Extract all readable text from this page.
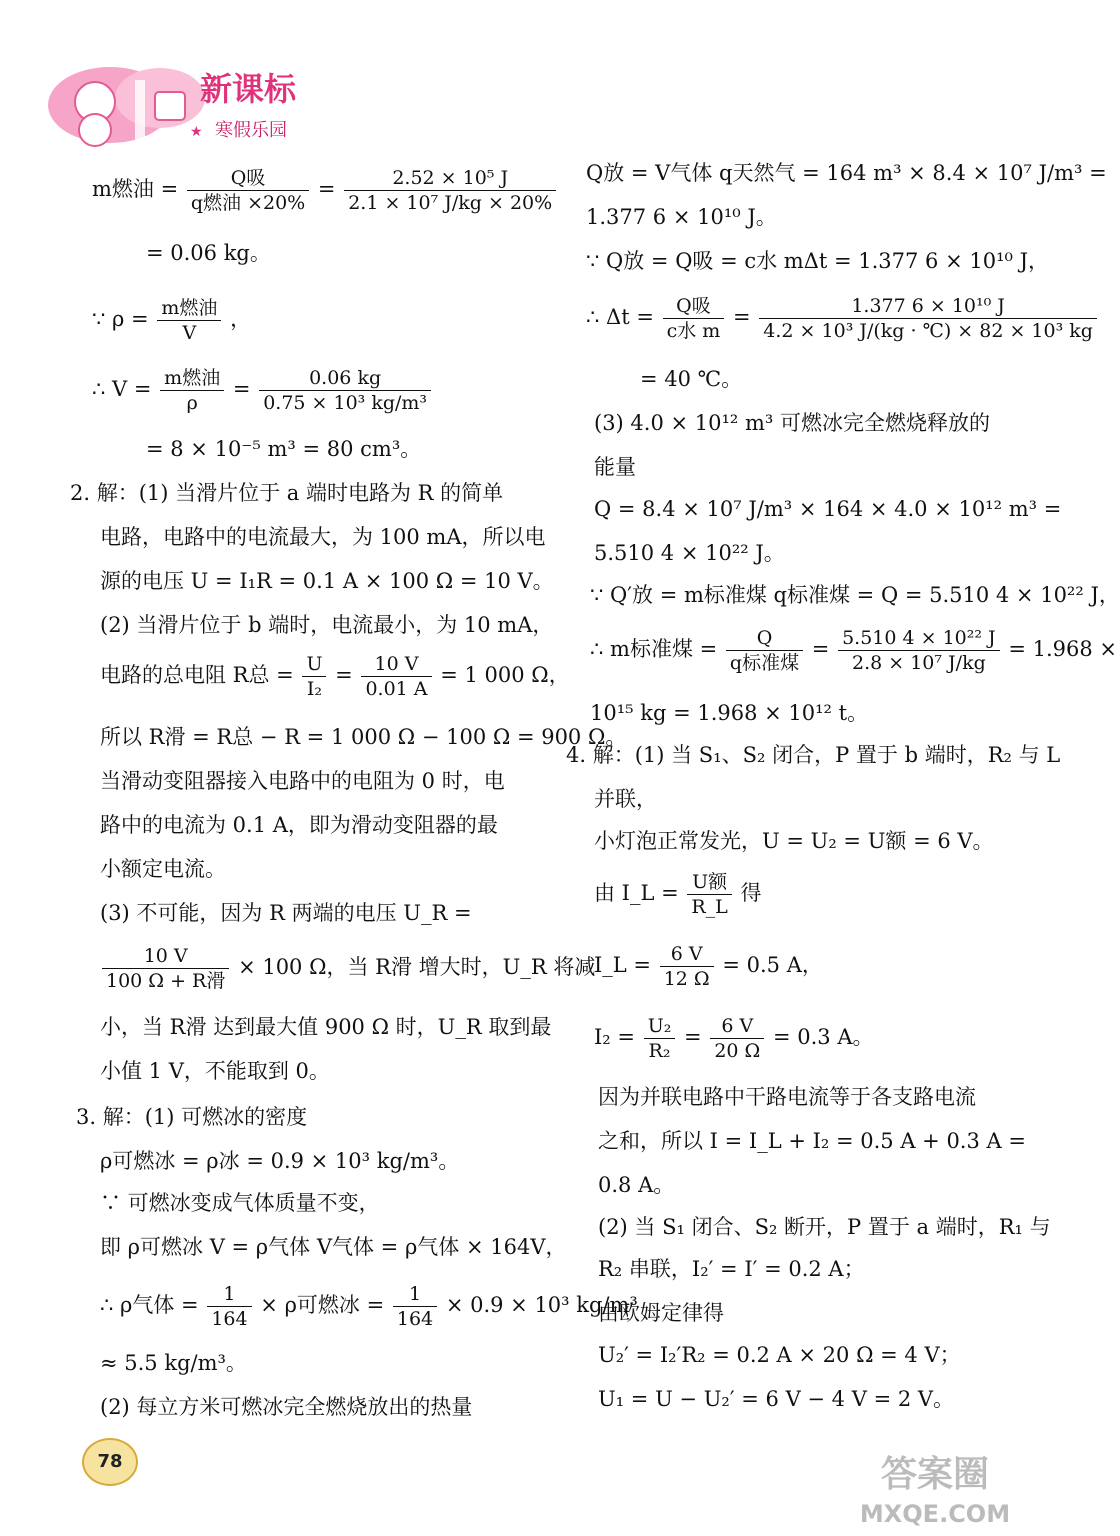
新课标
寒假乐园
★
m燃油 = $\frac{\text{Q吸}}{\text{q燃油 ×20\%}} = \frac{\text{2.52 × 10⁵ J}}{\text{2.1 × 10⁷ J/kg × 20\%}}$
= 0.06 kg。
∵ $\rho = \frac{\text{m燃油}}{V}$ ，
∴ $V = \frac{\text{m燃油}}{\rho} = \frac{0.06 kg}{\text{0.75 × 10³ kg/m³}}$
= 8 × 10⁻⁵ m³ = 80 cm³。
2. 解：(1) 当滑片位于 a 端时电路为 R 的简单
电路，电路中的电流最大，为 100 mA，所以电
源的电压 U = I₁R = 0.1 A × 100 Ω = 10 V。
(2) 当滑片位于 b 端时，电流最小，为 10 mA，
电路的总电阻 R总 = $\frac{U}{\text{I₂}} = \frac{10 V}{0.01 A} = 1$ 000 Ω，
所以 R滑 = R总 − R = 1 000 Ω − 100 Ω = 900 Ω。
当滑动变阻器接入电路中的电阻为 0 时，电
路中的电流为 0.1 A，即为滑动变阻器的最
小额定电流。
(3) 不可能，因为 R 两端的电压 U_R =
$\frac{10 V}{\text{100 Ω + R滑}} \times 100$ Ω，当 R滑 增大时，U_R 将减
小，当 R滑 达到最大值 900 Ω 时，U_R 取到最
小值 1 V，不能取到 0。
3. 解：(1) 可燃冰的密度
ρ可燃冰 = ρ冰 = 0.9 × 10³ kg/m³。
∵ 可燃冰变成气体质量不变，
即 ρ可燃冰 V = ρ气体 V气体 = ρ气体 × 164V，
∴ ρ气体 = $\frac{1}{164} \times \rho$可燃冰 = $\frac{1}{164} \times 0.9 \times 10^3$ kg/m³
≈ 5.5 kg/m³。
(2) 每立方米可燃冰完全燃烧放出的热量
Q放 = V气体 q天然气 = 164 m³ × 8.4 × 10⁷ J/m³ =
1.377 6 × 10¹⁰ J。
∵ Q放 = Q吸 = c水 mΔt = 1.377 6 × 10¹⁰ J，
∴ $\Delta t = \frac{\text{Q吸}}{\text{c水 m}} = \frac{\text{1.377 6 × 10¹⁰ J}}{\text{4.2 × 10³ J/(kg · ℃) × 82 × 10³ kg}}$
= 40 ℃。
(3) 4.0 × 10¹² m³ 可燃冰完全燃烧释放的
能量
Q = 8.4 × 10⁷ J/m³ × 164 × 4.0 × 10¹² m³ =
5.510 4 × 10²² J。
∵ Q′放 = m标准煤 q标准煤 = Q = 5.510 4 × 10²² J，
∴ m标准煤 = $\frac{Q}{\text{q标准煤}} = \frac{\text{5.510 4 × 10²² J}}{\text{2.8 × 10⁷ J/kg}} = 1.968$ ×
10¹⁵ kg = 1.968 × 10¹² t。
4. 解：(1) 当 S₁、S₂ 闭合，P 置于 b 端时，R₂ 与 L
并联，
小灯泡正常发光，U = U₂ = U额 = 6 V。
由 I_L = $\frac{\text{U额}}{R\_L}$ 得
I_L = $\frac{6 V}{12 \Omega} = 0.5$ A，
$I_2 = \frac{\text{U₂}}{\text{R₂}} = \frac{6 V}{20 \Omega} = 0.3$ A。
因为并联电路中干路电流等于各支路电流
之和，所以 I = I_L + I₂ = 0.5 A + 0.3 A =
0.8 A。
(2) 当 S₁ 闭合、S₂ 断开，P 置于 a 端时，R₁ 与
R₂ 串联，I₂′ = I′ = 0.2 A；
由欧姆定律得
U₂′ = I₂′R₂ = 0.2 A × 20 Ω = 4 V；
U₁ = U − U₂′ = 6 V − 4 V = 2 V。
78	答案圈
MXQE.COM
